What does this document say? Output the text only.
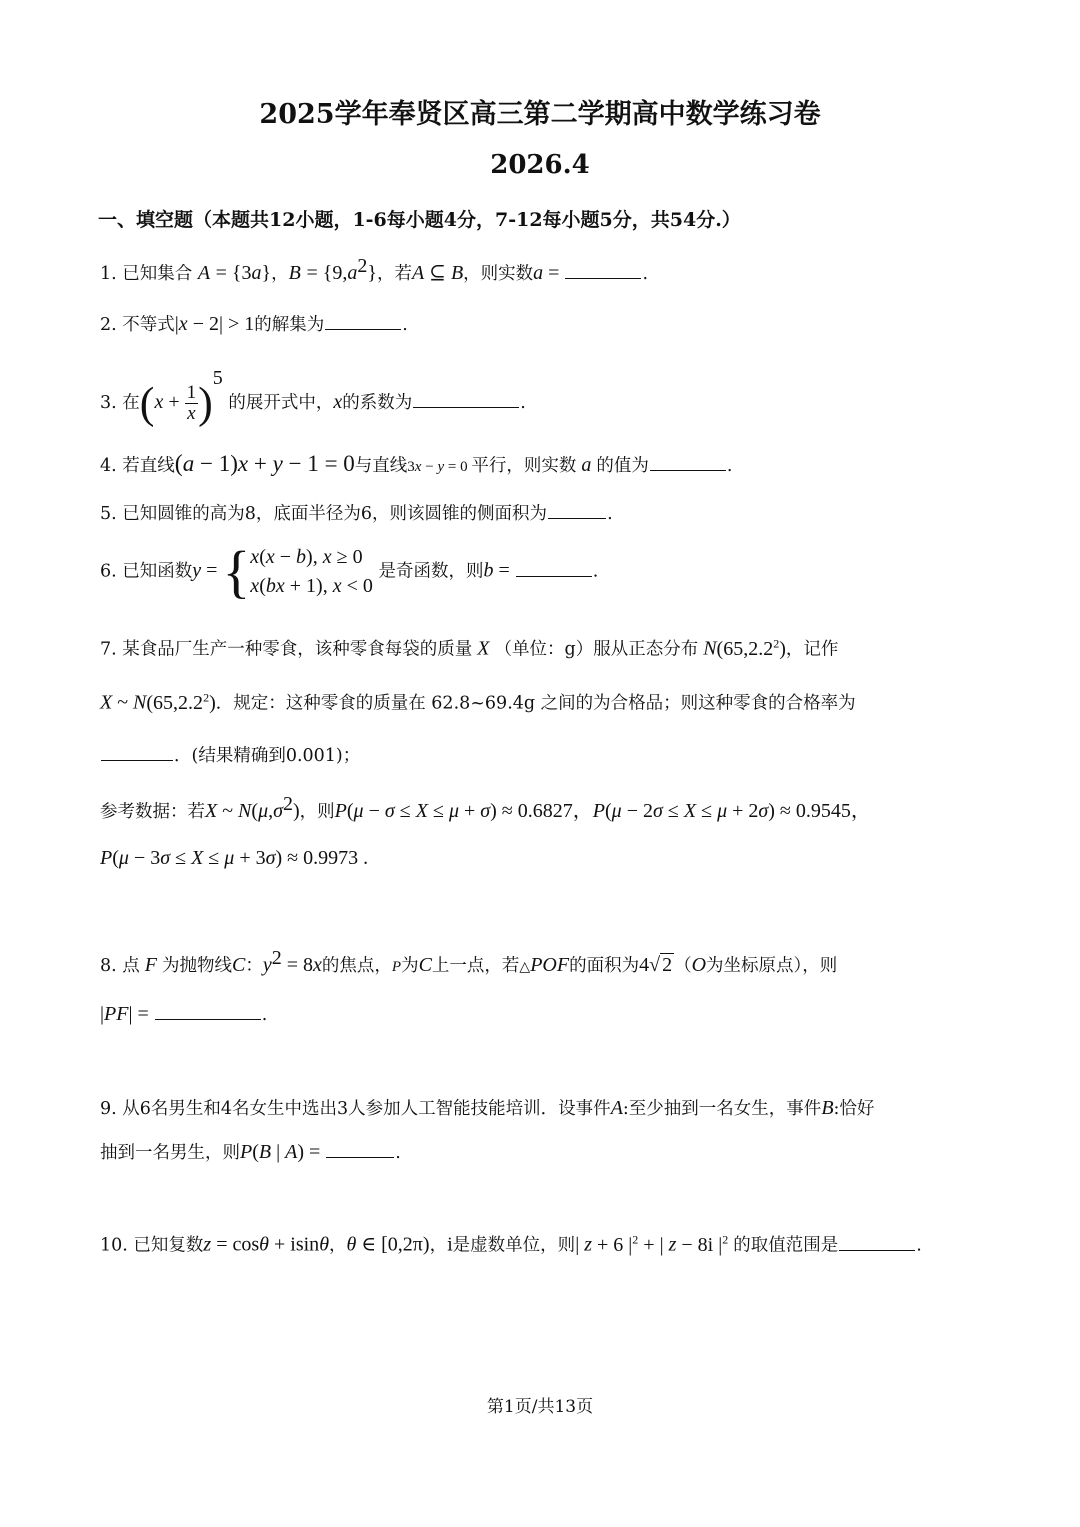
2025学年奉贤区高三第二学期高中数学练习卷
2026.4
一、填空题（本题共12小题，1-6每小题4分，7-12每小题5分，共54分.）
1. 已知集合 A = {3a}，$B = \{9,a^2\}$，若A ⊆ B，则实数a =	.
2. 不等式|x − 2| > 1的解集为	.
3. 在$(x + \frac{1}{x} )^5$ 的展开式中，x的系数为	.
4. 若直线(a − 1)x + y − 1 = 0与直线3x − y = 0 平行，则实数 a 的值为	.
5. 已知圆锥的高为8，底面半径为6，则该圆锥的侧面积为	.
6. 已知函数y = { x(x − b), x ≥ 0
x(bx + 1), x < 0
是奇函数，则b =	.
7. 某食品厂生产一种零食，该种零食每袋的质量 X （单位：g）服从正态分布 N(65,2.2$^2$)，记作
X ~ N(65,2.2$^2$)．规定：这种零食的质量在 62.8~69.4g 之间的为合格品；则这种零食的合格率为
．(结果精确到0.001)；
参考数据：若X ~ $N(\mu,\sigma^2)$，则P(μ − σ ≤ X ≤ μ + σ) ≈ 0.6827，P(μ − 2σ ≤ X ≤ μ + 2σ) ≈ 0.9545，
P(μ − 3σ ≤ X ≤ μ + 3σ) ≈ 0.9973 .
8. 点 F 为抛物线C：$y^2 = 8x$的焦点，P为C上一点，若△POF的面积为4√ 2 （O为坐标原点），则
|PF| =	.
9. 从6名男生和4名女生中选出3人参加人工智能技能培训．设事件A:至少抽到一名女生，事件B:恰好
抽到一名男生，则P(B | A) =	.
10. 已知复数z = cosθ + isinθ，θ ∈ [0,2π)，i是虚数单位，则| z + 6 $|^2$ + | z − 8i $|^2$ 的取值范围是	.
第1页/共13页
